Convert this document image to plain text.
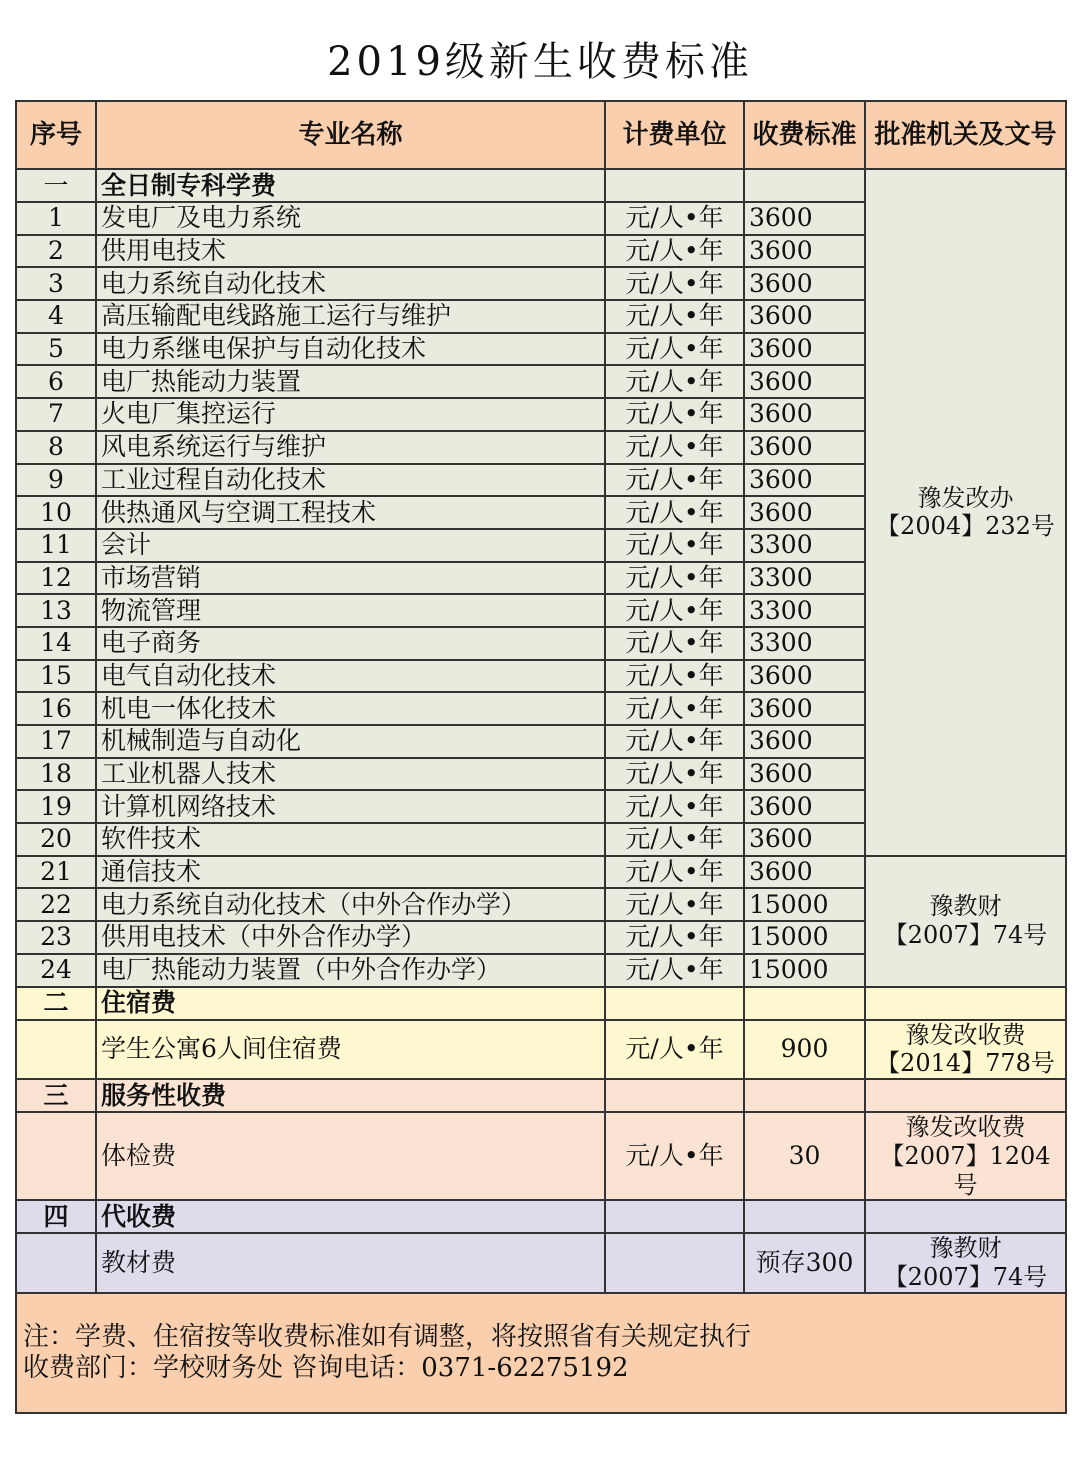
2019级新生收费标准
序号	专业名称	计费单位	收费标准	批准机关及文号
一	全日制专科学费			豫发改办
【2004】232号

1	发电厂及电力系统	元/人•年	3600	
2	供用电技术	元/人•年	3600	
3	电力系统自动化技术	元/人•年	3600	
4	高压输配电线路施工运行与维护	元/人•年	3600	
5	电力系继电保护与自动化技术	元/人•年	3600	
6	电厂热能动力装置	元/人•年	3600	
7	火电厂集控运行	元/人•年	3600	
8	风电系统运行与维护	元/人•年	3600	
9	工业过程自动化技术	元/人•年	3600	
10	供热通风与空调工程技术	元/人•年	3600	
11	会计	元/人•年	3300	
12	市场营销	元/人•年	3300	
13	物流管理	元/人•年	3300	
14	电子商务	元/人•年	3300	
15	电气自动化技术	元/人•年	3600	
16	机电一体化技术	元/人•年	3600	
17	机械制造与自动化	元/人•年	3600	
18	工业机器人技术	元/人•年	3600	
19	计算机网络技术	元/人•年	3600	
20	软件技术	元/人•年	3600	
21	通信技术	元/人•年	3600	豫教财
【2007】74号

22	电力系统自动化技术（中外合作办学）	元/人•年	15000	
23	供用电技术（中外合作办学）	元/人•年	15000	
24	电厂热能动力装置（中外合作办学）	元/人•年	15000	
二	住宿费			
	学生公寓6人间住宿费	元/人•年	900	豫发改收费
【2014】778号

三	服务性收费			
	体检费	元/人•年	30	豫发改收费
【2007】1204号

四	代收费			
	教材费		预存300	豫教财
【2007】74号

注：学费、住宿按等收费标准如有调整，将按照省有关规定执行
收费部门：学校财务处 咨询电话：0371-62275192				
